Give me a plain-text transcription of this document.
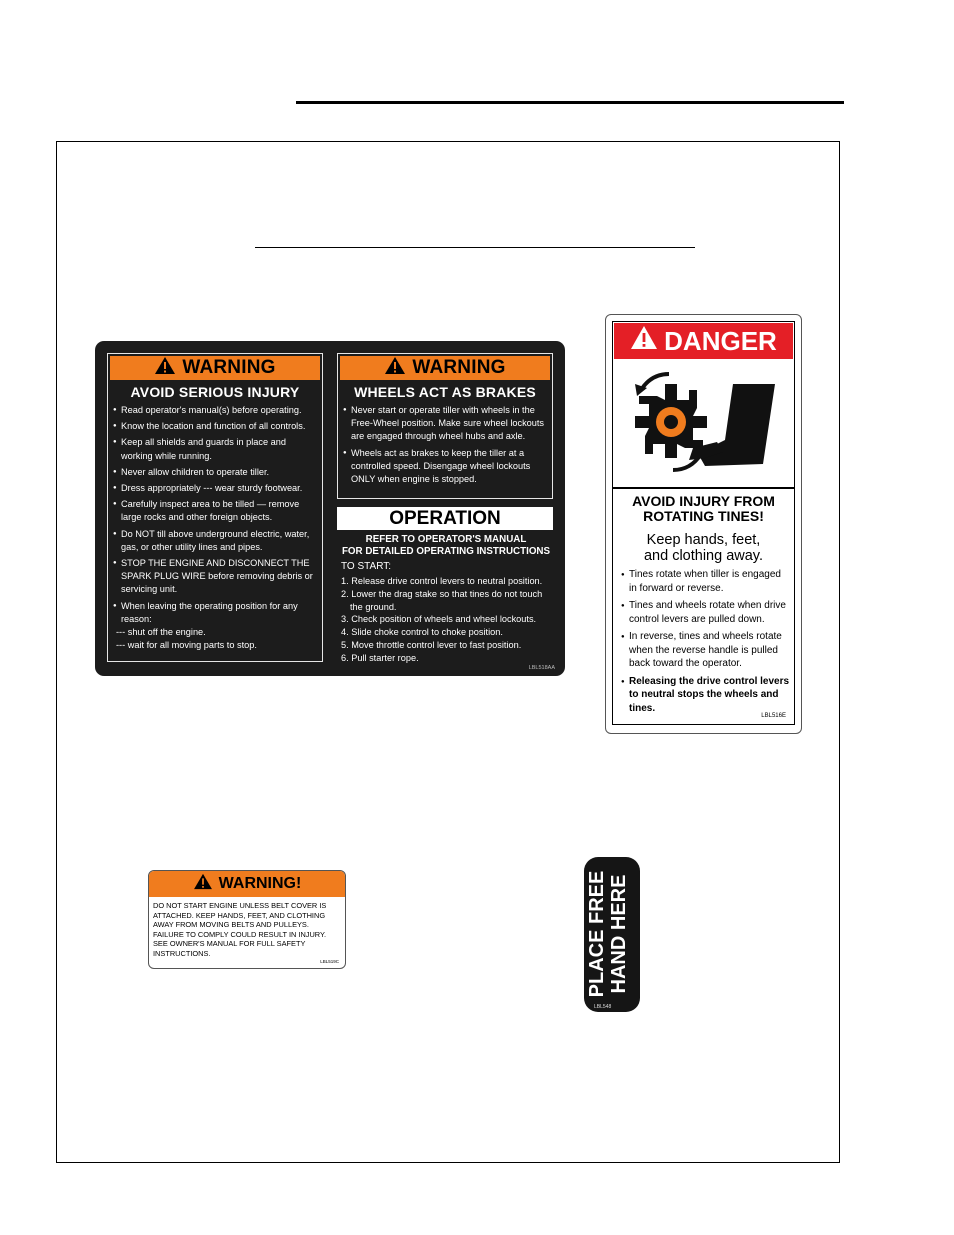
WARNING
AVOID SERIOUS INJURY
● Read operator's manual(s) before operating.
● Know the location and function of all controls.
● Keep all shields and guards in place and working while running.
● Never allow children to operate tiller.
● Dress appropriately --- wear sturdy footwear.
● Carefully inspect area to be tilled — remove large rocks and other foreign objects.
● Do NOT till above underground electric, water, gas, or other utility lines and pipes.
● STOP THE ENGINE AND DISCONNECT THE SPARK PLUG WIRE before removing debris or servicing unit.
● When leaving the operating position for any reason:
--- shut off the engine.
--- wait for all moving parts to stop.
WARNING
WHEELS ACT AS BRAKES
● Never start or operate tiller with wheels in the Free-Wheel position. Make sure wheel lockouts are engaged through wheel hubs and axle.
● Wheels act as brakes to keep the tiller at a controlled speed. Disengage wheel lockouts ONLY when engine is stopped.
OPERATION
REFER TO OPERATOR'S MANUAL
FOR DETAILED OPERATING INSTRUCTIONS
TO START:
1. Release drive control levers to neutral position.
2. Lower the drag stake so that tines do not touch
the ground.
3. Check position of wheels and wheel lockouts.
4. Slide choke control to choke position.
5. Move throttle control lever to fast position.
6. Pull starter rope.
LBL518AA
DANGER
AVOID INJURY FROM
ROTATING TINES!
Keep hands, feet,
and clothing away.
● Tines rotate when tiller is engaged in forward or reverse.
● Tines and wheels rotate when drive control levers are pulled down.
● In reverse, tines and wheels rotate when the reverse handle is pulled back toward the operator.
● Releasing the drive control levers to neutral stops the wheels and tines.
LBL516E
WARNING!
DO NOT START ENGINE UNLESS BELT COVER IS ATTACHED. KEEP HANDS, FEET, AND CLOTHING AWAY FROM MOVING BELTS AND PULLEYS. FAILURE TO COMPLY COULD RESULT IN INJURY. SEE OWNER'S MANUAL FOR FULL SAFETY INSTRUCTIONS.
LBL519C	PLACE FREE HAND HERE
LBL548
